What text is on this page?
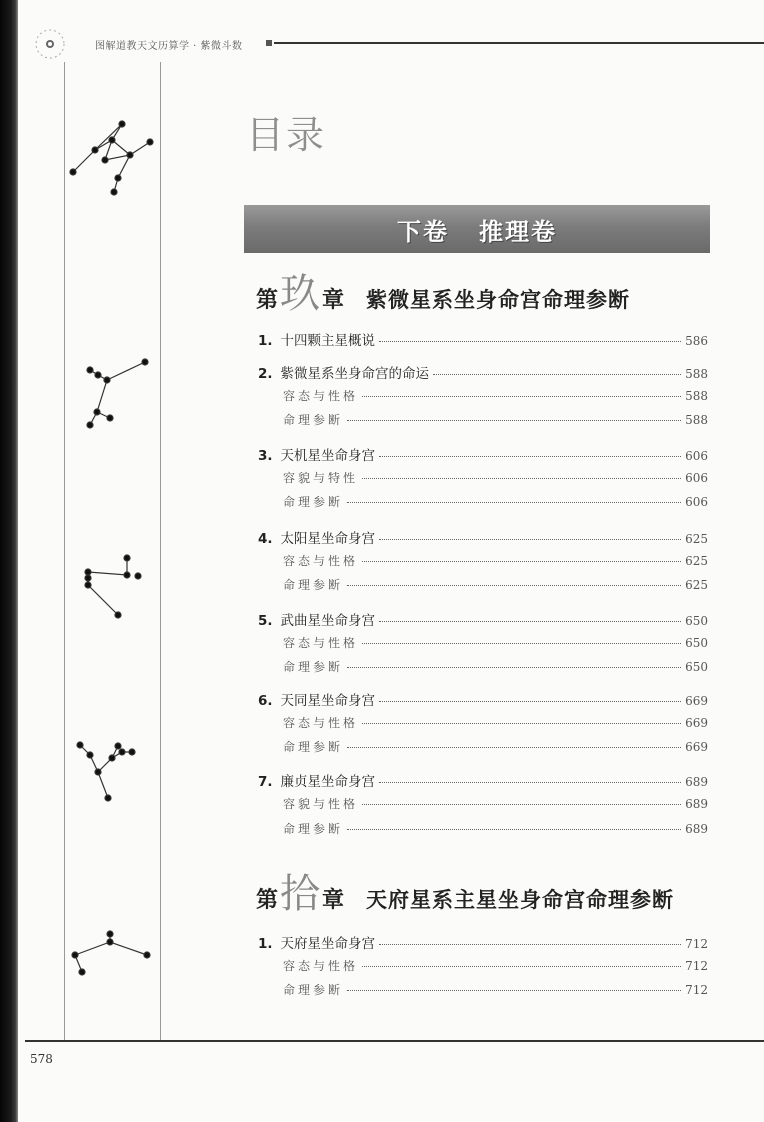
图解道教天文历算学 · 紫微斗数
目录
下卷 推理卷
第 玖 章 紫微星系坐身命宫命理参断
1. 十四颗主星概说	586
2. 紫微星系坐身命宫的命运	588
容态与性格	588
命理参断	588
3. 天机星坐命身宫	606
容貌与特性	606
命理参断	606
4. 太阳星坐命身宫	625
容态与性格	625
命理参断	625
5. 武曲星坐命身宫	650
容态与性格	650
命理参断	650
6. 天同星坐命身宫	669
容态与性格	669
命理参断	669
7. 廉贞星坐命身宫	689
容貌与性格	689
命理参断	689
第 拾 章 天府星系主星坐身命宫命理参断
1. 天府星坐命身宫	712
容态与性格	712
命理参断	712
578
